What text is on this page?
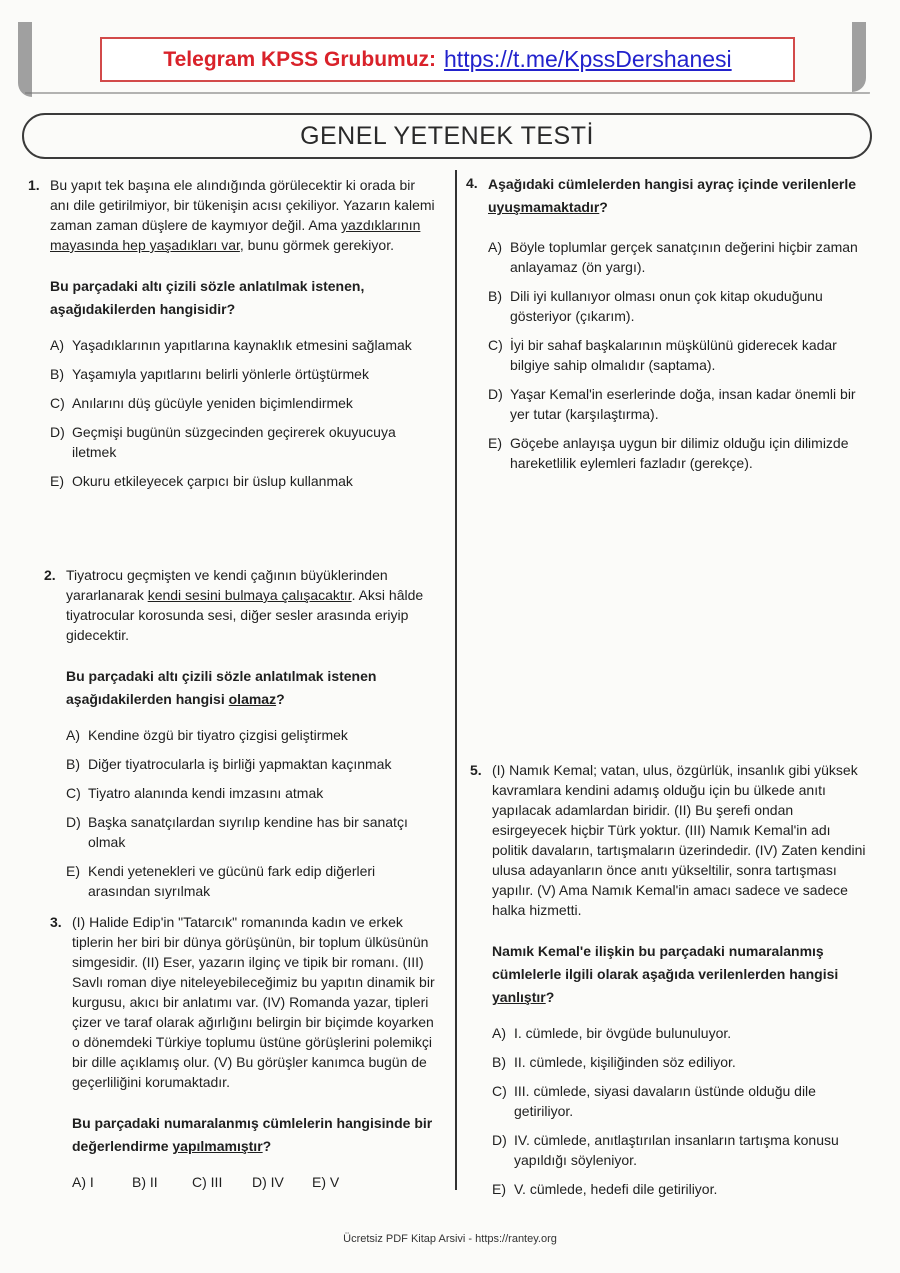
Telegram KPSS Grubumuz: https://t.me/KpssDershanesi
GENEL YETENEK TESTİ
1. Bu yapıt tek başına ele alındığında görülecektir ki orada bir anı dile getirilmiyor, bir tükenişin acısı çekiliyor. Yazarın kalemi zaman zaman düşlere de kaymıyor değil. Ama yazdıklarının mayasında hep yaşadıkları var, bunu görmek gerekiyor.

Bu parçadaki altı çizili sözle anlatılmak istenen, aşağıdakilerden hangisidir?

A) Yaşadıklarının yapıtlarına kaynaklık etmesini sağlamak
B) Yaşamıyla yapıtlarını belirli yönlerle örtüştürmek
C) Anılarını düş gücüyle yeniden biçimlendirmek
D) Geçmişi bugünün süzgecinden geçirerek okuyucuya iletmek
E) Okuru etkileyecek çarpıcı bir üslup kullanmak
2. Tiyatrocu geçmişten ve kendi çağının büyüklerinden yararlanarak kendi sesini bulmaya çalışacaktır. Aksi hâlde tiyatrocular korosunda sesi, diğer sesler arasında eriyip gidecektir.

Bu parçadaki altı çizili sözle anlatılmak istenen aşağıdakilerden hangisi olamaz?

A) Kendine özgü bir tiyatro çizgisi geliştirmek
B) Diğer tiyatrocularla iş birliği yapmaktan kaçınmak
C) Tiyatro alanında kendi imzasını atmak
D) Başka sanatçılardan sıyrılıp kendine has bir sanatçı olmak
E) Kendi yetenekleri ve gücünü fark edip diğerleri arasından sıyrılmak
3. (I) Halide Edip'in "Tatarcık" romanında kadın ve erkek tiplerin her biri bir dünya görüşünün, bir toplum ülküsünün simgesidir. (II) Eser, yazarın ilginç ve tipik bir romanı. (III) Savlı roman diye niteleyebileceğimiz bu yapıtın dinamik bir kurgusu, akıcı bir anlatımı var. (IV) Romanda yazar, tipleri çizer ve taraf olarak ağırlığını belirgin bir biçimde koyarken o dönemdeki Türkiye toplumu üstüne görüşlerini polemikçi bir dille açıklamış olur. (V) Bu görüşler kanımca bugün de geçerliliğini korumaktadır.

Bu parçadaki numaralanmış cümlelerin hangisinde bir değerlendirme yapılmamıştır?

A) I	B) II	C) III	D) IV	E) V
4. Aşağıdaki cümlelerden hangisi ayraç içinde verilenlerle uyuşmamaktadır?

A) Böyle toplumlar gerçek sanatçının değerini hiçbir zaman anlayamaz (ön yargı).
B) Dili iyi kullanıyor olması onun çok kitap okuduğunu gösteriyor (çıkarım).
C) İyi bir sahaf başkalarının müşkülünü giderecek kadar bilgiye sahip olmalıdır (saptama).
D) Yaşar Kemal'in eserlerinde doğa, insan kadar önemli bir yer tutar (karşılaştırma).
E) Göçebe anlayışa uygun bir dilimiz olduğu için dilimizde hareketlilik eylemleri fazladır (gerekçe).
5. (I) Namık Kemal; vatan, ulus, özgürlük, insanlık gibi yüksek kavramlara kendini adamış olduğu için bu ülkede anıtı yapılacak adamlardan biridir. (II) Bu şerefi ondan esirgeyecek hiçbir Türk yoktur. (III) Namık Kemal'in adı politik davaların, tartışmaların üzerindedir. (IV) Zaten kendini ulusa adayanların önce anıtı yükseltilir, sonra tartışması yapılır. (V) Ama Namık Kemal'in amacı sadece ve sadece halka hizmetti.

Namık Kemal'e ilişkin bu parçadaki numaralanmış cümlelerle ilgili olarak aşağıda verilenlerden hangisi yanlıştır?

A) I. cümlede, bir övgüde bulunuluyor.
B) II. cümlede, kişiliğinden söz ediliyor.
C) III. cümlede, siyasi davaların üstünde olduğu dile getiriliyor.
D) IV. cümlede, anıtlaştırılan insanların tartışma konusu yapıldığı söyleniyor.
E) V. cümlede, hedefi dile getiriliyor.
Ücretsiz PDF Kitap Arsivi - https://rantey.org
